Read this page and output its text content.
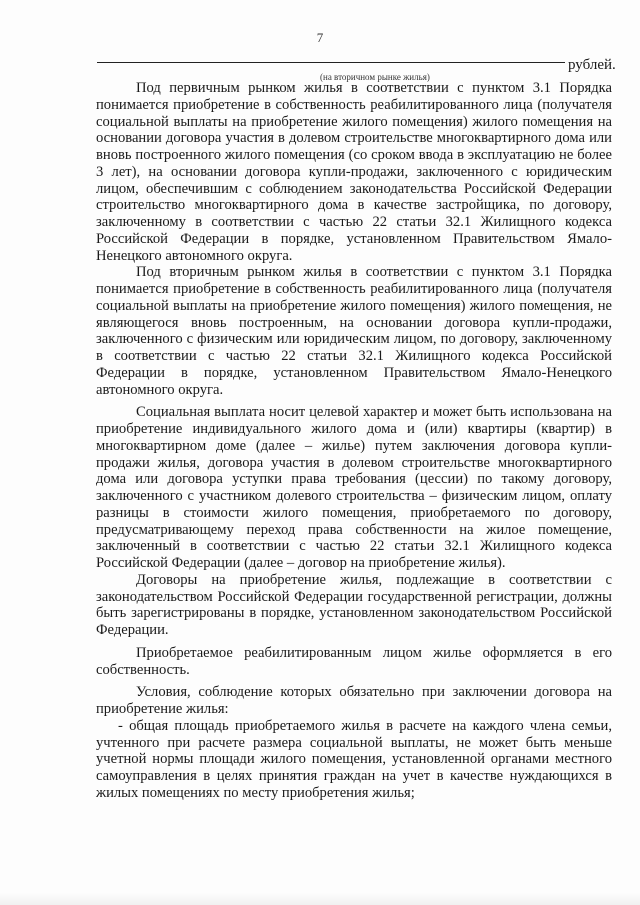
7
рублей.
(на вторичном рынке жилья)

Под первичным рынком жилья в соответствии с пунктом 3.1 Порядка понимается приобретение в собственность реабилитированного лица (получателя социальной выплаты на приобретение жилого помещения) жилого помещения на основании договора участия в долевом строительстве многоквартирного дома или вновь построенного жилого помещения (со сроком ввода в эксплуатацию не более 3 лет), на основании договора купли-продажи, заключенного с юридическим лицом, обеспечившим с соблюдением законодательства Российской Федерации строительство многоквартирного дома в качестве застройщика, по договору, заключенному в соответствии с частью 22 статьи 32.1 Жилищного кодекса Российской Федерации в порядке, установленном Правительством Ямало-Ненецкого автономного округа.

Под вторичным рынком жилья в соответствии с пунктом 3.1 Порядка понимается приобретение в собственность реабилитированного лица (получателя социальной выплаты на приобретение жилого помещения) жилого помещения, не являющегося вновь построенным, на основании договора купли-продажи, заключенного с физическим или юридическим лицом, по договору, заключенному в соответствии с частью 22 статьи 32.1 Жилищного кодекса Российской Федерации в порядке, установленном Правительством Ямало-Ненецкого автономного округа.

Социальная выплата носит целевой характер и может быть использована на приобретение индивидуального жилого дома и (или) квартиры (квартир) в многоквартирном доме (далее – жилье) путем заключения договора купли-продажи жилья, договора участия в долевом строительстве многоквартирного дома или договора уступки права требования (цессии) по такому договору, заключенного с участником долевого строительства – физическим лицом, оплату разницы в стоимости жилого помещения, приобретаемого по договору, предусматривающему переход права собственности на жилое помещение, заключенный в соответствии с частью 22 статьи 32.1 Жилищного кодекса Российской Федерации (далее – договор на приобретение жилья).

Договоры на приобретение жилья, подлежащие в соответствии с законодательством Российской Федерации государственной регистрации, должны быть зарегистрированы в порядке, установленном законодательством Российской Федерации.

Приобретаемое реабилитированным лицом жилье оформляется в его собственность.

Условия, соблюдение которых обязательно при заключении договора на приобретение жилья:

- общая площадь приобретаемого жилья в расчете на каждого члена семьи, учтенного при расчете размера социальной выплаты, не может быть меньше учетной нормы площади жилого помещения, установленной органами местного самоуправления в целях принятия граждан на учет в качестве нуждающихся в жилых помещениях по месту приобретения жилья;
